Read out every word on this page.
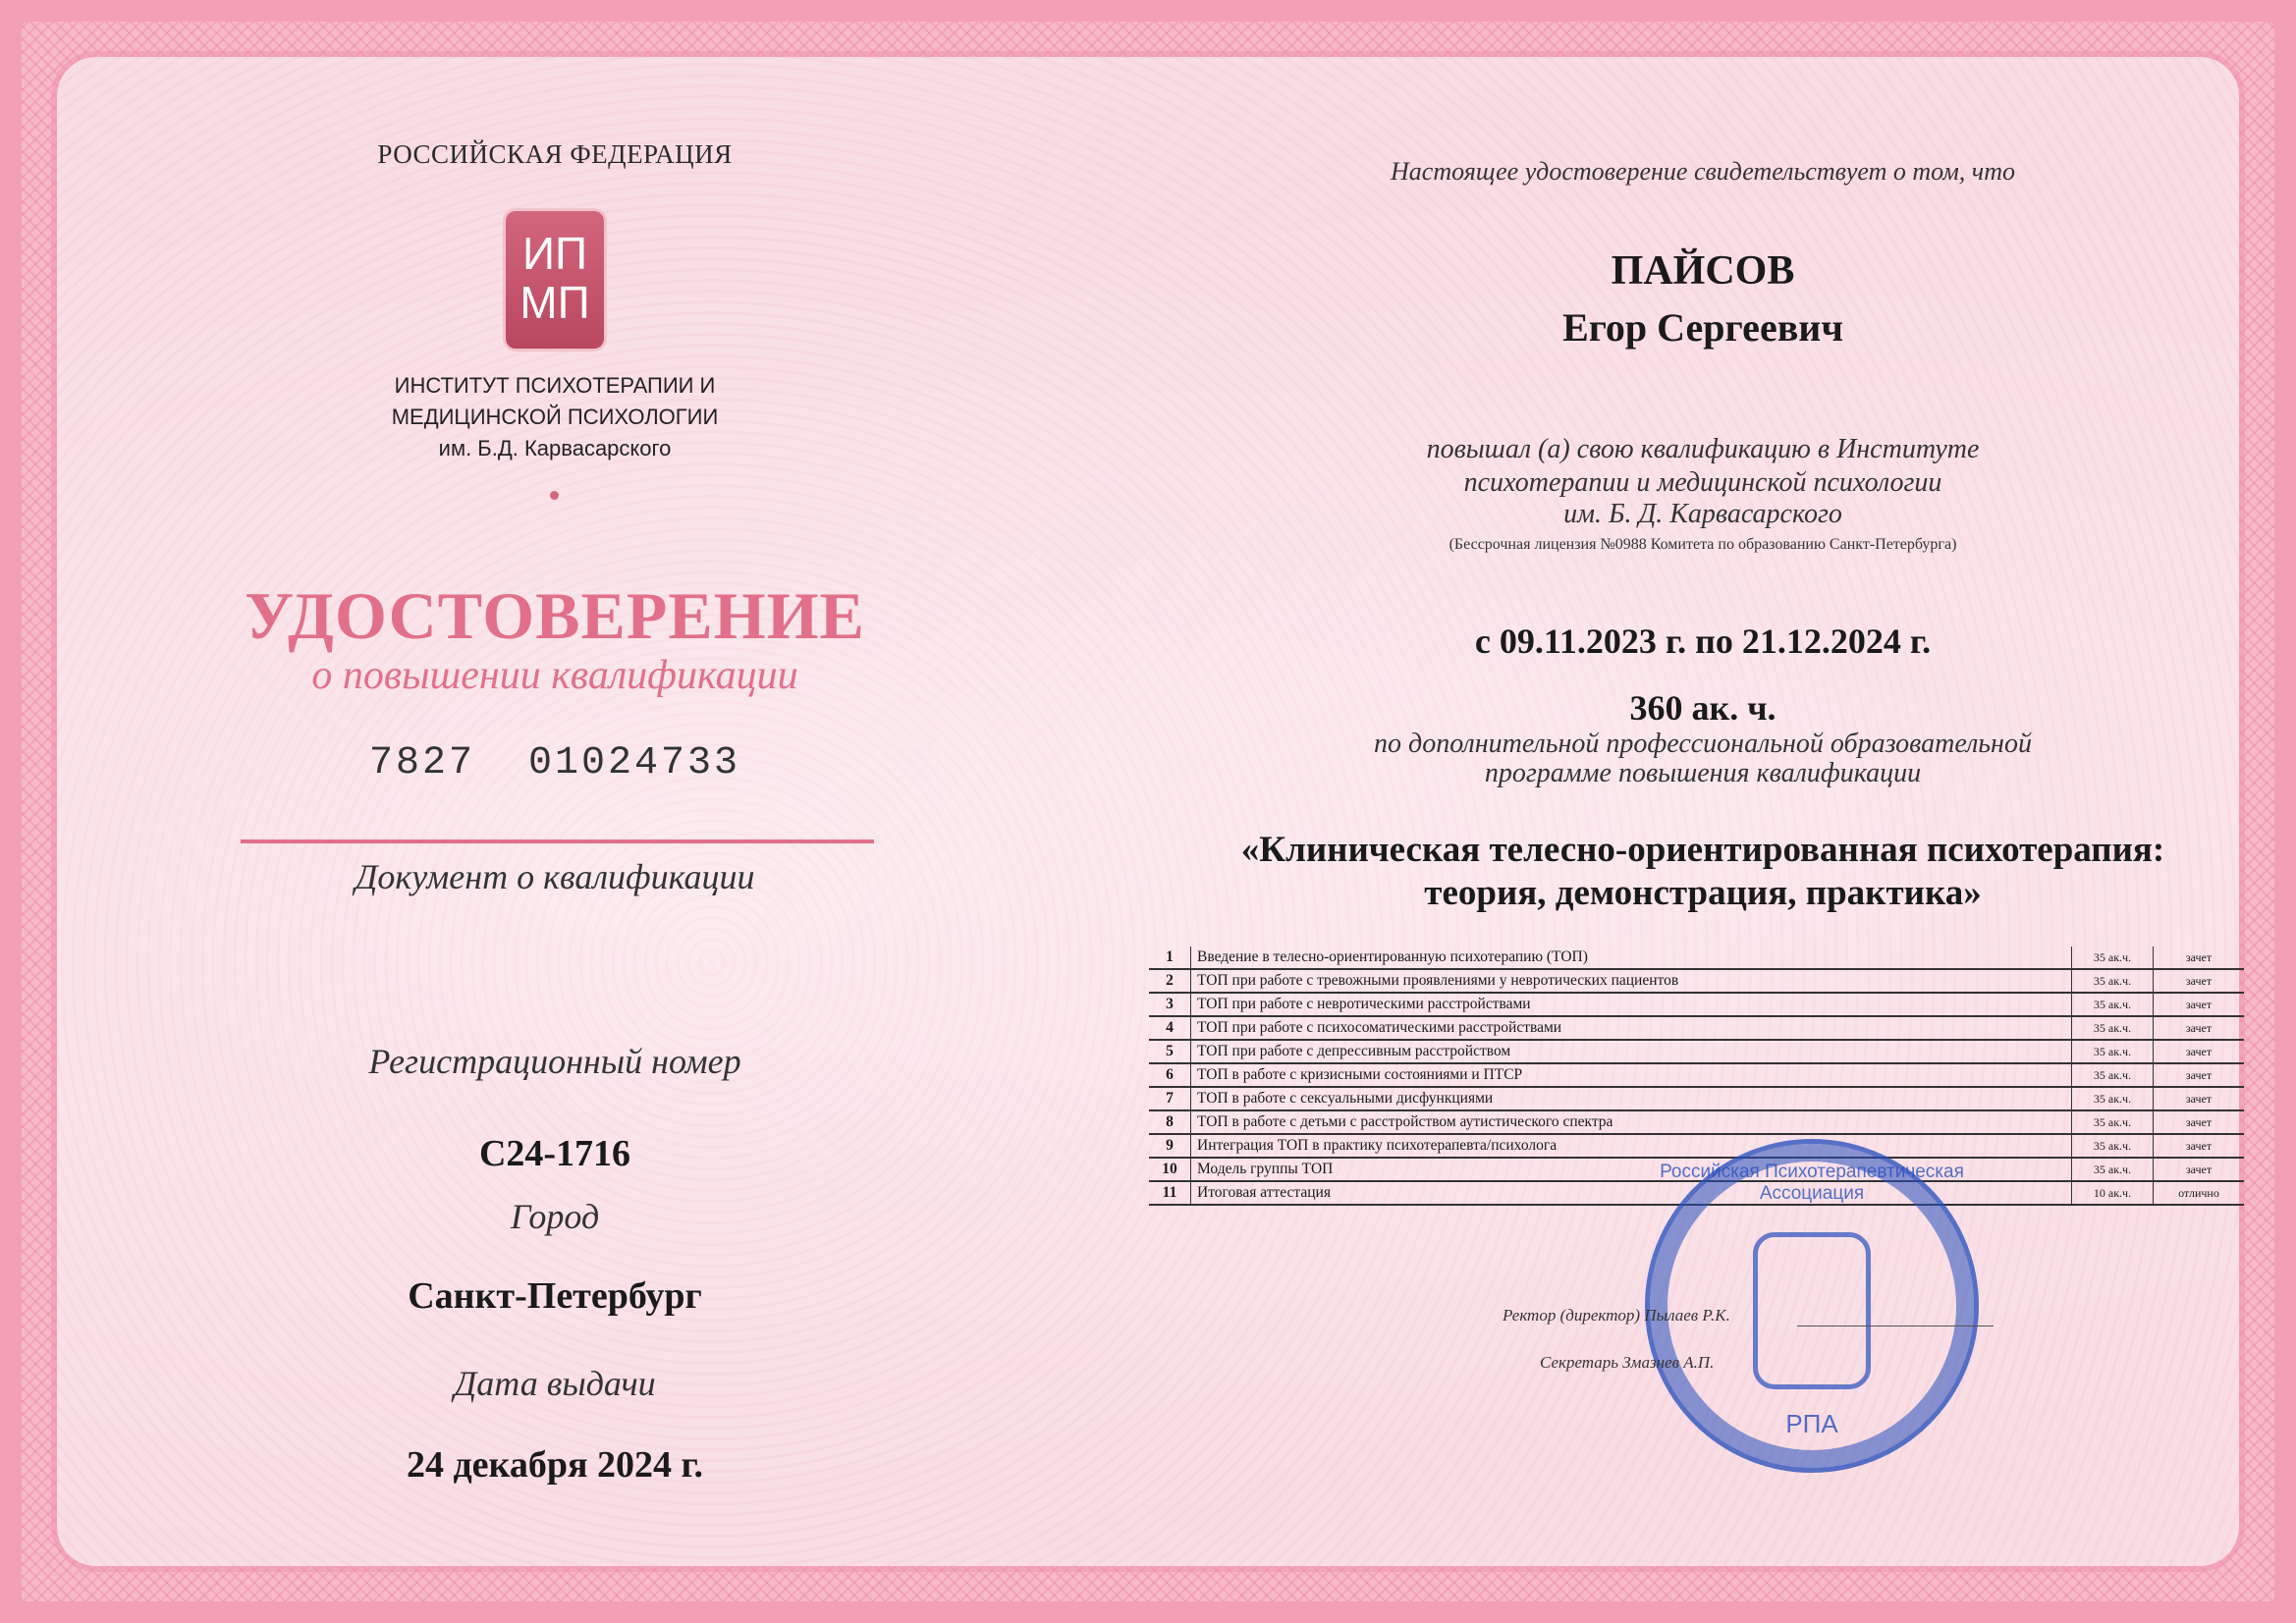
РОССИЙСКАЯ ФЕДЕРАЦИЯ
ИП
МП
ИНСТИТУТ ПСИХОТЕРАПИИ И
МЕДИЦИНСКОЙ ПСИХОЛОГИИ
им. Б.Д. Карвасарского
УДОСТОВЕРЕНИЕ
о повышении квалификации
7827  01024733
Документ о квалификации
Регистрационный номер
С24-1716
Город
Санкт-Петербург
Дата выдачи
24 декабря 2024 г.
Настоящее удостоверение свидетельствует о том, что
ПАЙСОВ
Егор Сергеевич
повышал (а) свою квалификацию в Институте
психотерапии и медицинской психологии
им. Б. Д. Карвасарского
(Бессрочная лицензия №0988 Комитета по образованию Санкт-Петербурга)
с 09.11.2023 г. по 21.12.2024 г.
360 ак. ч.
по дополнительной профессиональной образовательной
программе повышения квалификации
«Клиническая телесно-ориентированная психотерапия:
теория, демонстрация, практика»
1	Введение в телесно-ориентированную психотерапию (ТОП)	35 ак.ч.	зачет
2	ТОП при работе с тревожными проявлениями у невротических пациентов	35 ак.ч.	зачет
3	ТОП при работе с невротическими расстройствами	35 ак.ч.	зачет
4	ТОП при работе с психосоматическими расстройствами	35 ак.ч.	зачет
5	ТОП при работе с депрессивным расстройством	35 ак.ч.	зачет
6	ТОП в работе с кризисными состояниями и ПТСР	35 ак.ч.	зачет
7	ТОП в работе с сексуальными дисфункциями	35 ак.ч.	зачет
8	ТОП в работе с детьми с расстройством аутистического спектра	35 ак.ч.	зачет
9	Интеграция ТОП в практику психотерапевта/психолога	35 ак.ч.	зачет
10	Модель группы ТОП	35 ак.ч.	зачет
11	Итоговая аттестация	10 ак.ч.	отлично
Российская Психотерапевтическая Ассоциация
РПА
Ректор (директор) Пылаев Р.К.
Секретарь Змазнев А.П.
